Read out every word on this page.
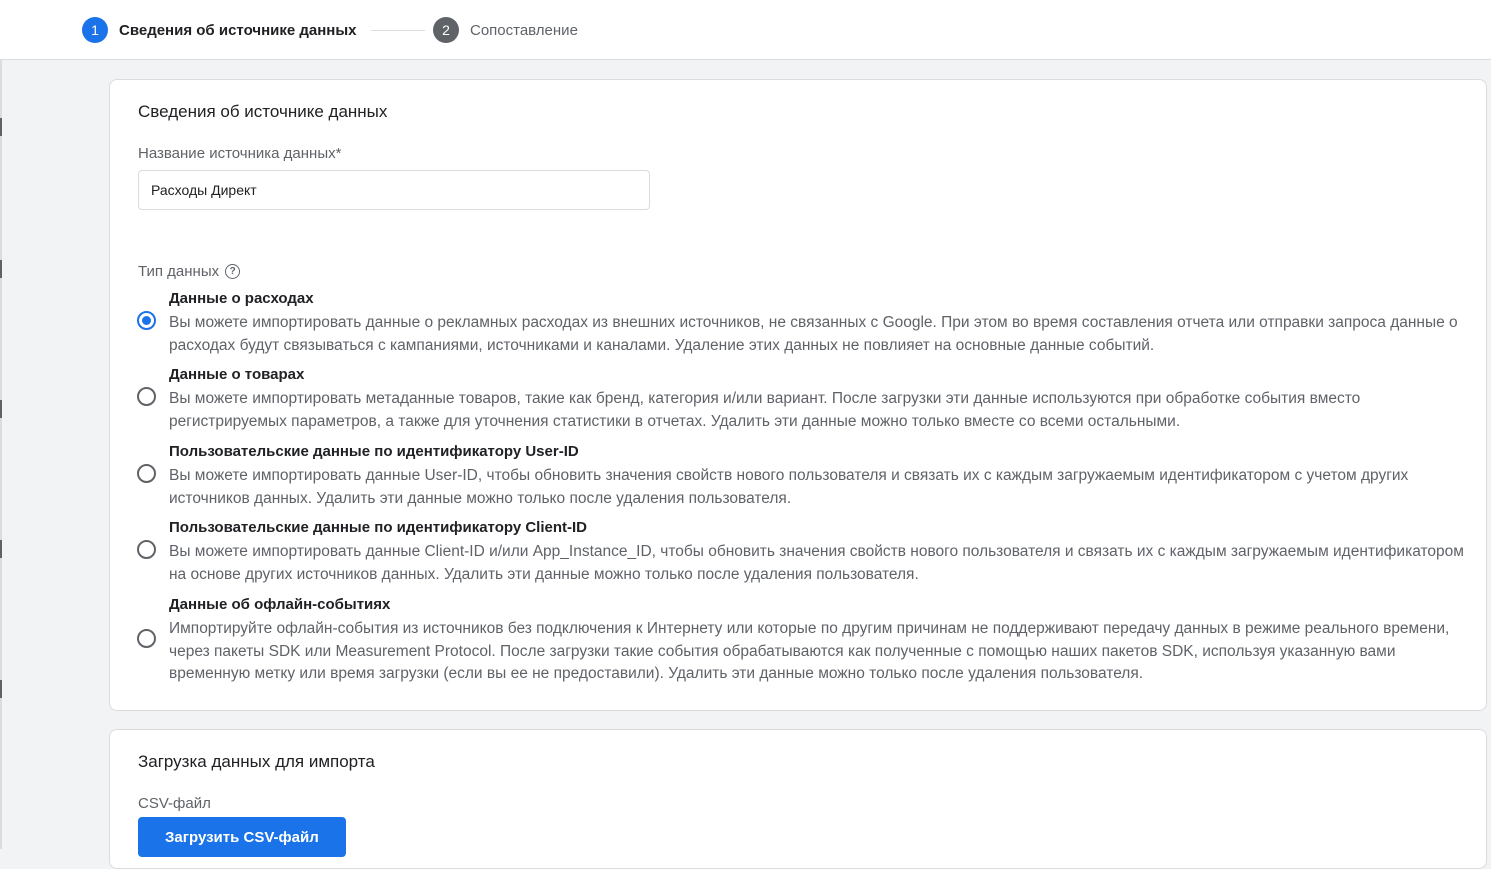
1	Сведения об источнике данных	2	Сопоставление
Сведения об источнике данных
Название источника данных*
Расходы Директ
Тип данных	?
Данные о расходах
Вы можете импортировать данные о рекламных расходах из внешних источников, не связанных с Google. При этом во время составления отчета или отправки запроса данные о расходах будут связываться с кампаниями, источниками и каналами. Удаление этих данных не повлияет на основные данные событий.
Данные о товарах
Вы можете импортировать метаданные товаров, такие как бренд, категория и/или вариант. После загрузки эти данные используются при обработке события вместо регистрируемых параметров, а также для уточнения статистики в отчетах. Удалить эти данные можно только вместе со всеми остальными.
Пользовательские данные по идентификатору User-ID
Вы можете импортировать данные User-ID, чтобы обновить значения свойств нового пользователя и связать их с каждым загружаемым идентификатором с учетом других источников данных. Удалить эти данные можно только после удаления пользователя.
Пользовательские данные по идентификатору Client-ID
Вы можете импортировать данные Client-ID и/или App_Instance_ID, чтобы обновить значения свойств нового пользователя и связать их с каждым загружаемым идентификатором на основе других источников данных. Удалить эти данные можно только после удаления пользователя.
Данные об офлайн-событиях
Импортируйте офлайн-события из источников без подключения к Интернету или которые по другим причинам не поддерживают передачу данных в режиме реального времени, через пакеты SDK или Measurement Protocol. После загрузки такие события обрабатываются как полученные с помощью наших пакетов SDK, используя указанную вами временную метку или время загрузки (если вы ее не предоставили). Удалить эти данные можно только после удаления пользователя.
Загрузка данных для импорта
CSV-файл
Загрузить CSV-файл
